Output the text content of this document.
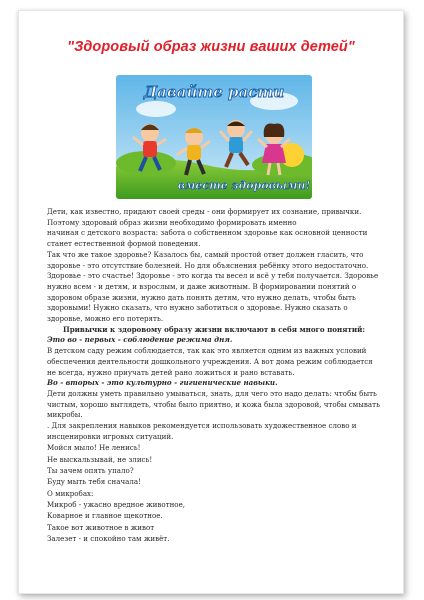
"Здоровый образ жизни ваших детей"
Давайте расти
вместе здоровыми!

Дети, как известно, придают своей среды - они формирует их сознание, привычки. Поэтому здоровый образ жизни необходимо формировать именно

начиная с детского возраста: забота о собственном здоровье как основной ценности станет естественной формой поведения.

Так что же такое здоровье? Казалось бы, самый простой ответ должен гласить, что здоровье - это отсутствие болезней. Но для объяснения ребёнку этого недостаточно. Здоровье - это счастье! Здоровье - это когда ты весел и всё у тебя получается. Здоровье нужно всем - и детям, и взрослым, и даже животным. В формировании понятий о здоровом образе жизни, нужно дать понять детям, что нужно делать, чтобы быть здоровыми! Нужно сказать, что нужно заботиться о здоровье. Нужно сказать о здоровье, можно его потерять.

Привычки к здоровому образу жизни включают в себя много понятий:

Это во - первых - соблюдение режима дня.

В детском саду режим соблюдается, так как это является одним из важных условий обеспечения деятельности дошкольного учреждения. А вот дома режим соблюдается не всегда, нужно приучать детей рано ложиться и рано вставать.

Во - вторых - это культурно - гигиенические навыки.

Дети должны уметь правильно умываться, знать, для чего это надо делать: чтобы быть чистым, хорошо выглядеть, чтобы было приятно, и кожа была здоровой, чтобы смывать микробы.

. Для закрепления навыков рекомендуется использовать художественное слово и инсценировки игровых ситуаций.

Мойся мыло! Не ленись!

Не выскальзывай, не злись!

Ты зачем опять упало?

Буду мыть тебя сначала!

О микробах:

Микроб - ужасно вредное животное,

Коварное и главное щекотное.

Такое вот животное в живот

Залезет - и спокойно там живёт.
